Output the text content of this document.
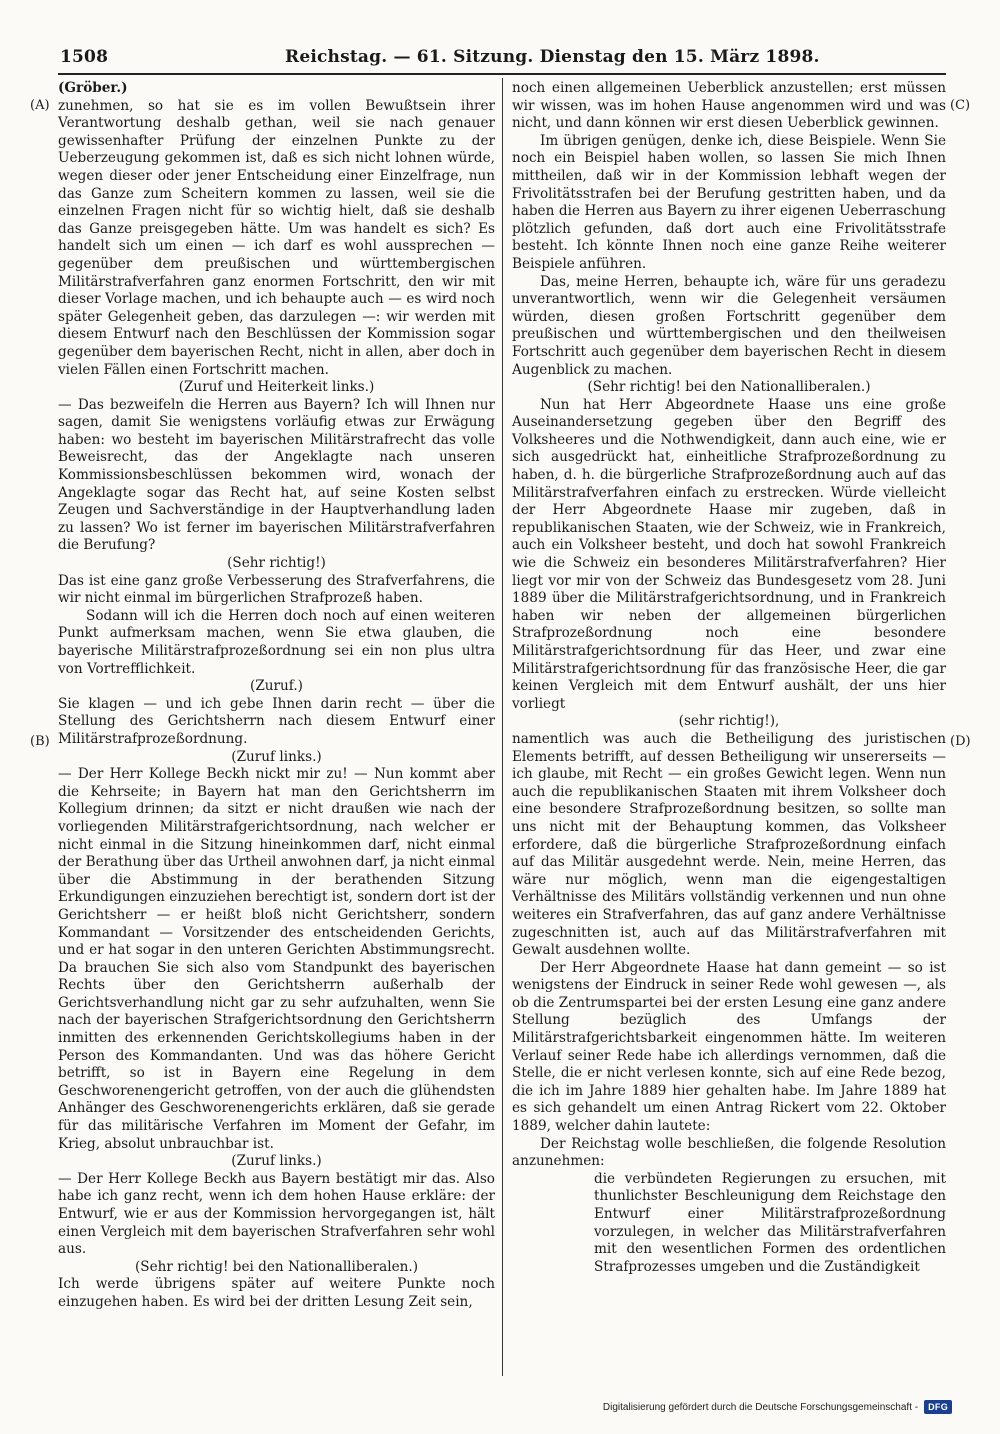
1508	Reichstag. — 61. Sitzung. Dienstag den 15. März 1898.
(A)
(B)
(C)
(D)

(Gröber.)

zunehmen, so hat sie es im vollen Bewußtsein ihrer Verantwortung deshalb gethan, weil sie nach genauer gewissenhafter Prüfung der einzelnen Punkte zu der Ueberzeugung gekommen ist, daß es sich nicht lohnen würde, wegen dieser oder jener Entscheidung einer Einzelfrage, nun das Ganze zum Scheitern kommen zu lassen, weil sie die einzelnen Fragen nicht für so wichtig hielt, daß sie deshalb das Ganze preisgegeben hätte. Um was handelt es sich? Es handelt sich um einen — ich darf es wohl aussprechen — gegenüber dem preußischen und württembergischen Militärstrafverfahren ganz enormen Fortschritt, den wir mit dieser Vorlage machen, und ich behaupte auch — es wird noch später Gelegenheit geben, das darzulegen —: wir werden mit diesem Entwurf nach den Beschlüssen der Kommission sogar gegenüber dem bayerischen Recht, nicht in allen, aber doch in vielen Fällen einen Fortschritt machen.

(Zuruf und Heiterkeit links.)

— Das bezweifeln die Herren aus Bayern? Ich will Ihnen nur sagen, damit Sie wenigstens vorläufig etwas zur Erwägung haben: wo besteht im bayerischen Militärstrafrecht das volle Beweisrecht, das der Angeklagte nach unseren Kommissionsbeschlüssen bekommen wird, wonach der Angeklagte sogar das Recht hat, auf seine Kosten selbst Zeugen und Sachverständige in der Hauptverhandlung laden zu lassen? Wo ist ferner im bayerischen Militärstrafverfahren die Berufung?

(Sehr richtig!)

Das ist eine ganz große Verbesserung des Strafverfahrens, die wir nicht einmal im bürgerlichen Strafprozeß haben.

Sodann will ich die Herren doch noch auf einen weiteren Punkt aufmerksam machen, wenn Sie etwa glauben, die bayerische Militärstrafprozeßordnung sei ein non plus ultra von Vortrefflichkeit.

(Zuruf.)

Sie klagen — und ich gebe Ihnen darin recht — über die Stellung des Gerichtsherrn nach diesem Entwurf einer Militärstrafprozeßordnung.

(Zuruf links.)

— Der Herr Kollege Beckh nickt mir zu! — Nun kommt aber die Kehrseite; in Bayern hat man den Gerichtsherrn im Kollegium drinnen; da sitzt er nicht draußen wie nach der vorliegenden Militärstrafgerichtsordnung, nach welcher er nicht einmal in die Sitzung hineinkommen darf, nicht einmal der Berathung über das Urtheil anwohnen darf, ja nicht einmal über die Abstimmung in der berathenden Sitzung Erkundigungen einzuziehen berechtigt ist, sondern dort ist der Gerichtsherr — er heißt bloß nicht Gerichtsherr, sondern Kommandant — Vorsitzender des entscheidenden Gerichts, und er hat sogar in den unteren Gerichten Abstimmungsrecht. Da brauchen Sie sich also vom Standpunkt des bayerischen Rechts über den Gerichtsherrn außerhalb der Gerichtsverhandlung nicht gar zu sehr aufzuhalten, wenn Sie nach der bayerischen Strafgerichtsordnung den Gerichtsherrn inmitten des erkennenden Gerichtskollegiums haben in der Person des Kommandanten. Und was das höhere Gericht betrifft, so ist in Bayern eine Regelung in dem Geschworenengericht getroffen, von der auch die glühendsten Anhänger des Geschworenengerichts erklären, daß sie gerade für das militärische Verfahren im Moment der Gefahr, im Krieg, absolut unbrauchbar ist.

(Zuruf links.)

— Der Herr Kollege Beckh aus Bayern bestätigt mir das. Also habe ich ganz recht, wenn ich dem hohen Hause erkläre: der Entwurf, wie er aus der Kommission hervorgegangen ist, hält einen Vergleich mit dem bayerischen Strafverfahren sehr wohl aus.

(Sehr richtig! bei den Nationalliberalen.)

Ich werde übrigens später auf weitere Punkte noch einzugehen haben. Es wird bei der dritten Lesung Zeit sein,

noch einen allgemeinen Ueberblick anzustellen; erst müssen wir wissen, was im hohen Hause angenommen wird und was nicht, und dann können wir erst diesen Ueberblick gewinnen.

Im übrigen genügen, denke ich, diese Beispiele. Wenn Sie noch ein Beispiel haben wollen, so lassen Sie mich Ihnen mittheilen, daß wir in der Kommission lebhaft wegen der Frivolitätsstrafen bei der Berufung gestritten haben, und da haben die Herren aus Bayern zu ihrer eigenen Ueberraschung plötzlich gefunden, daß dort auch eine Frivolitätsstrafe besteht. Ich könnte Ihnen noch eine ganze Reihe weiterer Beispiele anführen.

Das, meine Herren, behaupte ich, wäre für uns geradezu unverantwortlich, wenn wir die Gelegenheit versäumen würden, diesen großen Fortschritt gegenüber dem preußischen und württembergischen und den theilweisen Fortschritt auch gegenüber dem bayerischen Recht in diesem Augenblick zu machen.

(Sehr richtig! bei den Nationalliberalen.)

Nun hat Herr Abgeordnete Haase uns eine große Auseinandersetzung gegeben über den Begriff des Volksheeres und die Nothwendigkeit, dann auch eine, wie er sich ausgedrückt hat, einheitliche Strafprozeßordnung zu haben, d. h. die bürgerliche Strafprozeßordnung auch auf das Militärstrafverfahren einfach zu erstrecken. Würde vielleicht der Herr Abgeordnete Haase mir zugeben, daß in republikanischen Staaten, wie der Schweiz, wie in Frankreich, auch ein Volksheer besteht, und doch hat sowohl Frankreich wie die Schweiz ein besonderes Militärstrafverfahren? Hier liegt vor mir von der Schweiz das Bundesgesetz vom 28. Juni 1889 über die Militärstrafgerichtsordnung, und in Frankreich haben wir neben der allgemeinen bürgerlichen Strafprozeßordnung noch eine besondere Militärstrafgerichtsordnung für das Heer, und zwar eine Militärstrafgerichtsordnung für das französische Heer, die gar keinen Vergleich mit dem Entwurf aushält, der uns hier vorliegt

(sehr richtig!),

namentlich was auch die Betheiligung des juristischen Elements betrifft, auf dessen Betheiligung wir unsererseits — ich glaube, mit Recht — ein großes Gewicht legen. Wenn nun auch die republikanischen Staaten mit ihrem Volksheer doch eine besondere Strafprozeßordnung besitzen, so sollte man uns nicht mit der Behauptung kommen, das Volksheer erfordere, daß die bürgerliche Strafprozeßordnung einfach auf das Militär ausgedehnt werde. Nein, meine Herren, das wäre nur möglich, wenn man die eigengestaltigen Verhältnisse des Militärs vollständig verkennen und nun ohne weiteres ein Strafverfahren, das auf ganz andere Verhältnisse zugeschnitten ist, auch auf das Militärstrafverfahren mit Gewalt ausdehnen wollte.

Der Herr Abgeordnete Haase hat dann gemeint — so ist wenigstens der Eindruck in seiner Rede wohl gewesen —, als ob die Zentrumspartei bei der ersten Lesung eine ganz andere Stellung bezüglich des Umfangs der Militärstrafgerichtsbarkeit eingenommen hätte. Im weiteren Verlauf seiner Rede habe ich allerdings vernommen, daß die Stelle, die er nicht verlesen konnte, sich auf eine Rede bezog, die ich im Jahre 1889 hier gehalten habe. Im Jahre 1889 hat es sich gehandelt um einen Antrag Rickert vom 22. Oktober 1889, welcher dahin lautete:

Der Reichstag wolle beschließen, die folgende Resolution anzunehmen:

die verbündeten Regierungen zu ersuchen, mit thunlichster Beschleunigung dem Reichstage den Entwurf einer Militärstrafprozeßordnung vorzulegen, in welcher das Militärstrafverfahren mit den wesentlichen Formen des ordentlichen Strafprozesses umgeben und die Zuständigkeit

Digitalisierung gefördert durch die Deutsche Forschungsgemeinschaft -	DFG
